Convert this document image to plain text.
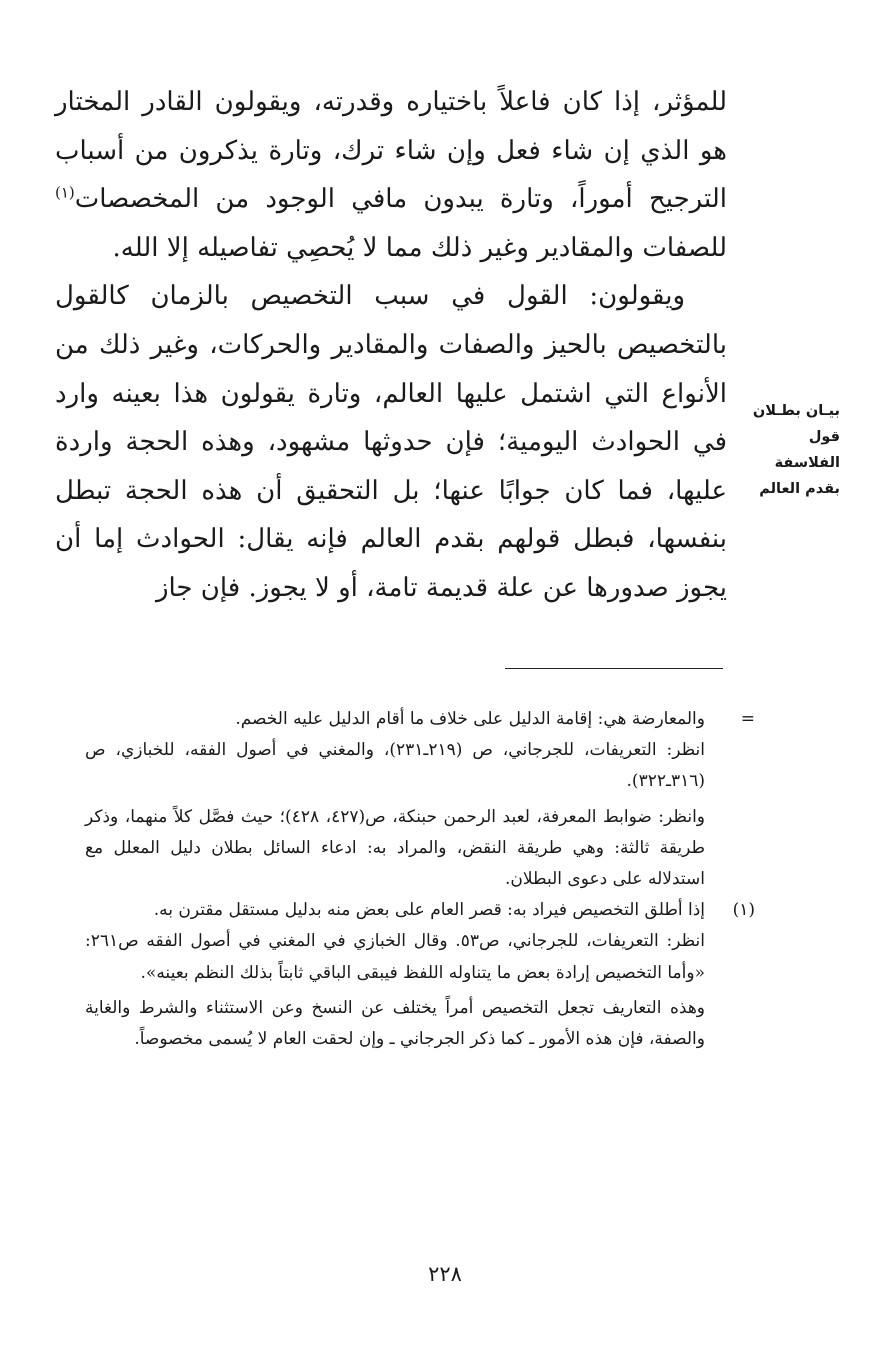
للمؤثر، إذا كان فاعلاً باختياره وقدرته، ويقولون القادر المختار هو الذي إن شاء فعل وإن شاء ترك، وتارة يذكرون من أسباب الترجيح أموراً، وتارة يبدون مافي الوجود من المخصصات$^{(١)}$ للصفات والمقادير وغير ذلك مما لا يُحصِي تفاصيله إلا الله.

ويقولون: القول في سبب التخصيص بالزمان كالقول بالتخصيص بالحيز والصفات والمقادير والحركات، وغير ذلك من الأنواع التي اشتمل عليها العالم، وتارة يقولون هذا بعينه وارد في الحوادث اليومية؛ فإن حدوثها مشهود، وهذه الحجة واردة عليها، فما كان جوابًا عنها؛ بل التحقيق أن هذه الحجة تبطل بنفسها، فبطل قولهم بقدم العالم فإنه يقال: الحوادث إما أن يجوز صدورها عن علة قديمة تامة، أو لا يجوز. فإن جاز

بيـان بطـلان
قول الفلاسفة
بقدم العالم
=

والمعارضة هي: إقامة الدليل على خلاف ما أقام الدليل عليه الخصم.

انظر: التعريفات، للجرجاني، ص (٢١٩ـ٢٣١)، والمغني في أصول الفقه، للخبازي، ص (٣١٦ـ٣٢٢).

وانظر: ضوابط المعرفة، لعبد الرحمن حبنكة، ص(٤٢٧، ٤٢٨)؛ حيث فصَّل كلاً منهما، وذكر طريقة ثالثة: وهي طريقة النقض، والمراد به: ادعاء السائل بطلان دليل المعلل مع استدلاله على دعوى البطلان.

(١)

إذا أطلق التخصيص فيراد به: قصر العام على بعض منه بدليل مستقل مقترن به.

انظر: التعريفات، للجرجاني، ص٥٣. وقال الخبازي في المغني في أصول الفقه ص٢٦١: «وأما التخصيص إرادة بعض ما يتناوله اللفظ فيبقى الباقي ثابتاً بذلك النظم بعينه».

وهذه التعاريف تجعل التخصيص أمراً يختلف عن النسخ وعن الاستثناء والشرط والغاية والصفة، فإن هذه الأمور ـ كما ذكر الجرجاني ـ وإن لحقت العام لا يُسمى مخصوصاً.

٢٢٨
